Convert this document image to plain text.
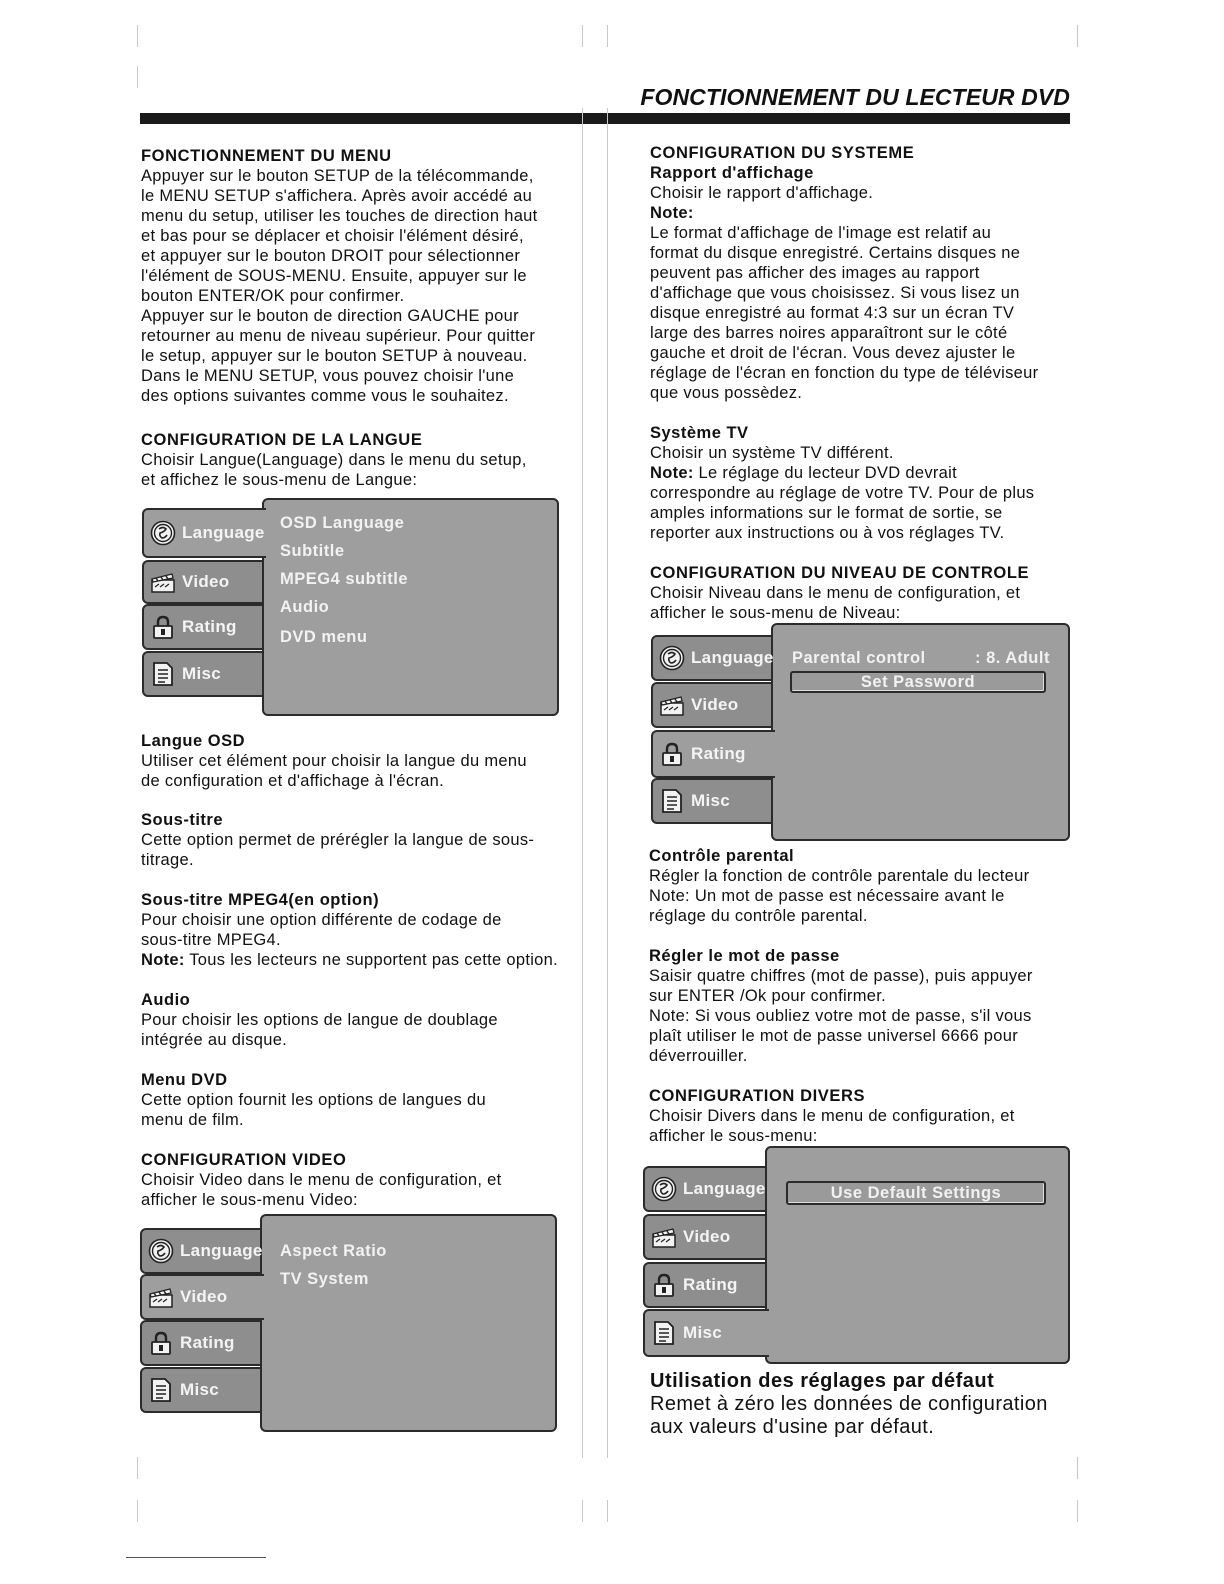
FONCTIONNEMENT DU LECTEUR DVD
FONCTIONNEMENT DU MENU
Appuyer sur le bouton SETUP de la télécommande,
le MENU SETUP s'affichera. Après avoir accédé au
menu du setup, utiliser les touches de direction haut
et bas pour se déplacer et choisir l'élément désiré,
et appuyer sur le bouton DROIT pour sélectionner
l'élément de SOUS-MENU. Ensuite, appuyer sur le
bouton ENTER/OK pour confirmer.
Appuyer sur le bouton de direction GAUCHE pour
retourner au menu de niveau supérieur. Pour quitter
le setup, appuyer sur le bouton SETUP à nouveau.
Dans le MENU SETUP, vous pouvez choisir l'une
des options suivantes comme vous le souhaitez.
CONFIGURATION DE LA LANGUE
Choisir Langue(Language) dans le menu du setup,
et affichez le sous-menu de Langue:
Language
Video
Rating
Misc
OSD Language
Subtitle
MPEG4 subtitle
Audio
DVD menu
Langue OSD
Utiliser cet élément pour choisir la langue du menu
de configuration et d'affichage à l'écran.
Sous-titre
Cette option permet de prérégler la langue de sous-
titrage.
Sous-titre MPEG4(en option)
Pour choisir une option différente de codage de
sous-titre MPEG4.
Note: Tous les lecteurs ne supportent pas cette option.
Audio
Pour choisir les options de langue de doublage
intégrée au disque.
Menu DVD
Cette option fournit les options de langues du
menu de film.
CONFIGURATION VIDEO
Choisir Video dans le menu de configuration, et
afficher le sous-menu Video:
Language
Video
Rating
Misc
Aspect Ratio
TV System
CONFIGURATION DU SYSTEME
Rapport d'affichage
Choisir le rapport d'affichage.
Note:
Le format d'affichage de l'image est relatif au
format du disque enregistré. Certains disques ne
peuvent pas afficher des images au rapport
d'affichage que vous choisissez. Si vous lisez un
disque enregistré au format 4:3 sur un écran TV
large des barres noires apparaîtront sur le côté
gauche et droit de l'écran. Vous devez ajuster le
réglage de l'écran en fonction du type de téléviseur
que vous possèdez.
Système TV
Choisir un système TV différent.
Note: Le réglage du lecteur DVD devrait
correspondre au réglage de votre TV. Pour de plus
amples informations sur le format de sortie, se
reporter aux instructions ou à vos réglages TV.
CONFIGURATION DU NIVEAU DE CONTROLE
Choisir Niveau dans le menu de configuration, et
afficher le sous-menu de Niveau:
Language
Video
Rating
Misc
Parental control	: 8. Adult
Set Password
Contrôle parental
Régler la fonction de contrôle parentale du lecteur
Note: Un mot de passe est nécessaire avant le
réglage du contrôle parental.
Régler le mot de passe
Saisir quatre chiffres (mot de passe), puis appuyer
sur ENTER /Ok pour confirmer.
Note: Si vous oubliez votre mot de passe, s'il vous
plaît utiliser le mot de passe universel 6666 pour
déverrouiller.
CONFIGURATION DIVERS
Choisir Divers dans le menu de configuration, et
afficher le sous-menu:
Language
Video
Rating
Misc
Use Default Settings
Utilisation des réglages par défaut
Remet à zéro les données de configuration
aux valeurs d'usine par défaut.
